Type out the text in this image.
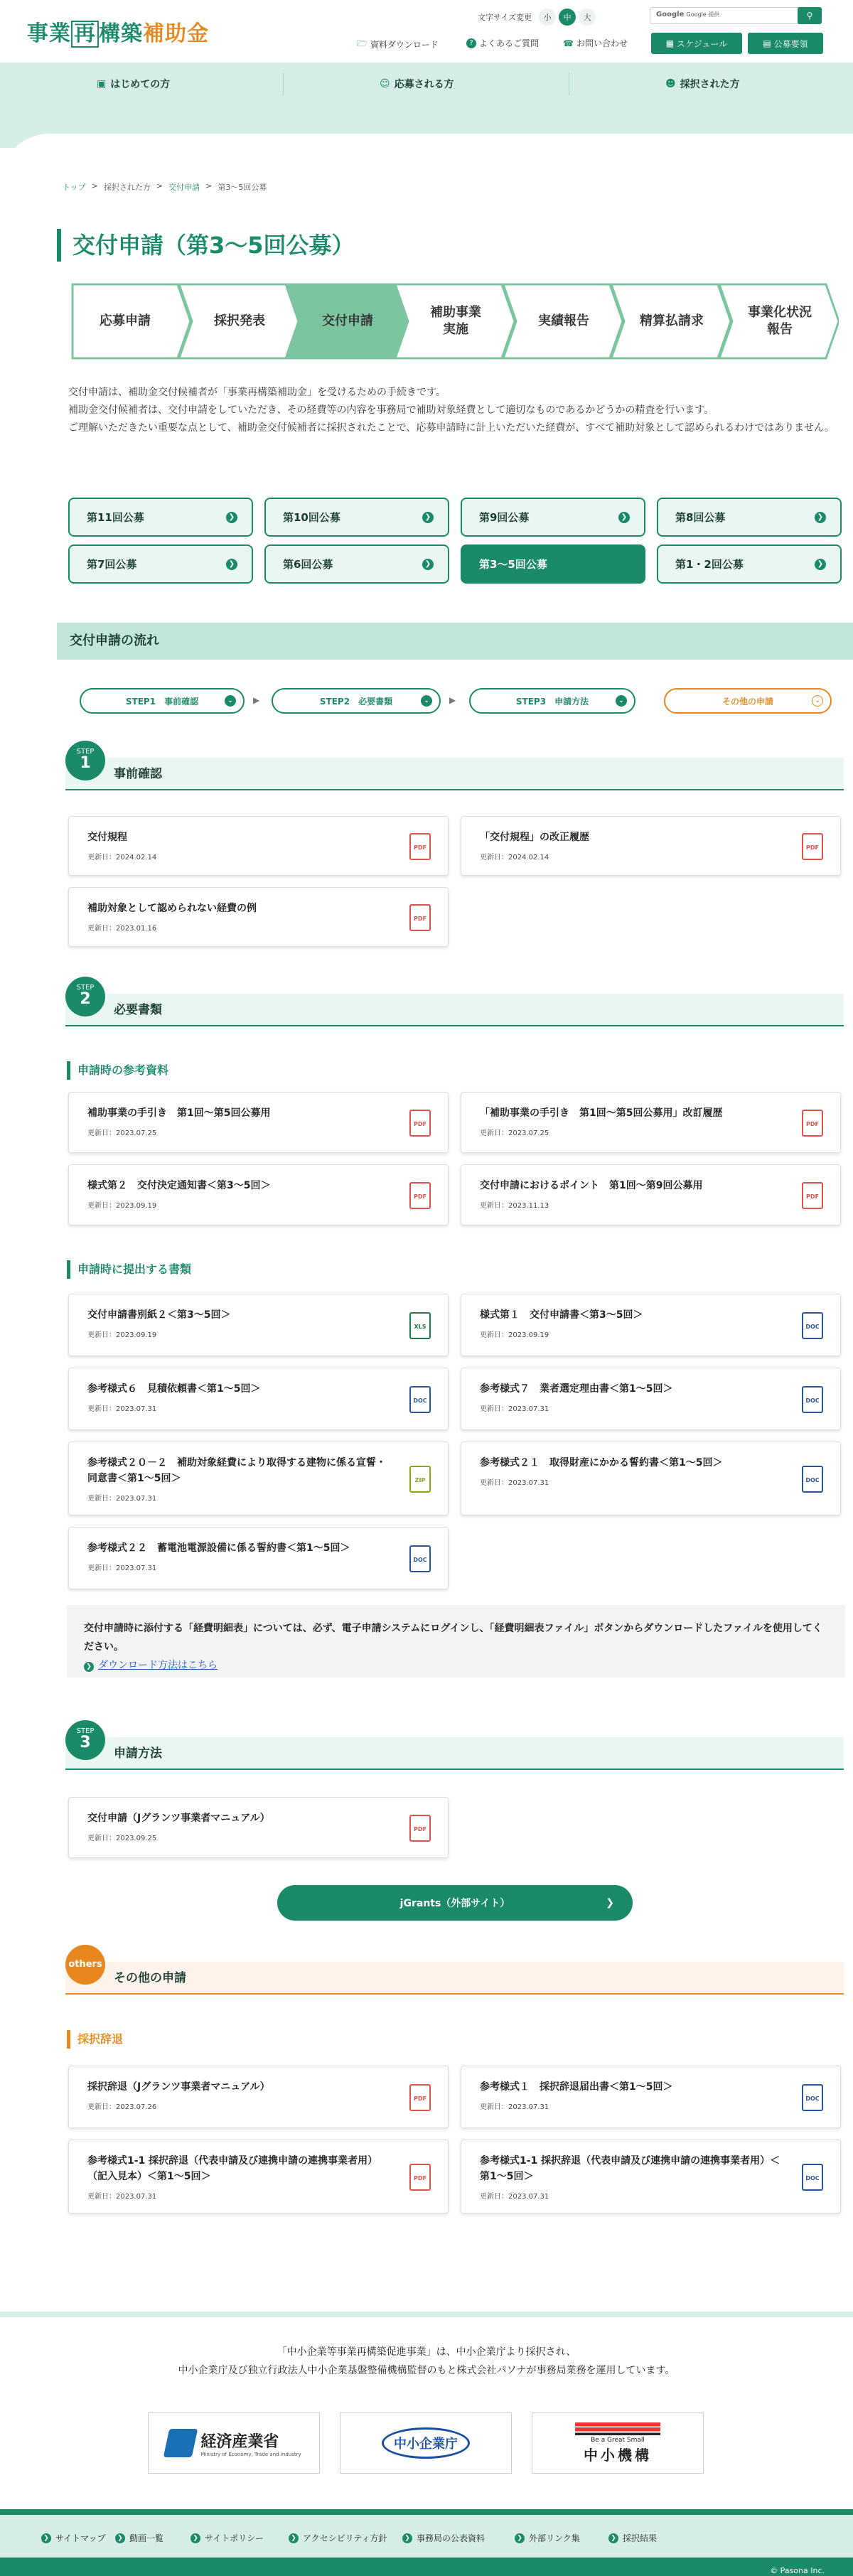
事業 再 構築補助金
文字サイズ変更	小	中	大	Google Google 提供	⚲
🗁 資料ダウンロード	? よくあるご質問	☎ お問い合わせ	▦ スケジュール	▤ 公募要領
▣ はじめての方	☺ 応募される方	☻ 採択された方
トップ > 採択された方 > 交付申請 > 第3～5回公募
交付申請（第3～5回公募）
応募申請	採択発表	交付申請
補助事業
実施
実績報告	精算払請求
事業化状況
報告

交付申請は、補助金交付候補者が「事業再構築補助金」を受けるための手続きです。

補助金交付候補者は、交付申請をしていただき、その経費等の内容を事務局で補助対象経費として適切なものであるかどうかの精査を行います。

ご理解いただきたい重要な点として、補助金交付候補者に採択されたことで、応募申請時に計上いただいた経費が、すべて補助対象として認められるわけではありません。

第11回公募	❯	第10回公募	❯	第9回公募	❯	第8回公募	❯
第7回公募	❯	第6回公募	❯	第3～5回公募	第1・2回公募	❯
交付申請の流れ
STEP1　事前確認	⌄	▶	STEP2　必要書類	⌄	▶	STEP3　申請方法	⌄	その他の申請	⌄
事前確認
STEP
1
交付規程
更新日：2024.02.14
PDF
「交付規程」の改正履歴
更新日：2024.02.14
PDF
補助対象として認められない経費の例
更新日：2023.01.16
PDF
必要書類
STEP
2
申請時の参考資料
補助事業の手引き　第1回～第5回公募用
更新日：2023.07.25
PDF
「補助事業の手引き　第1回～第5回公募用」改訂履歴
更新日：2023.07.25
PDF
様式第２　交付決定通知書＜第3～5回＞
更新日：2023.09.19
PDF
交付申請におけるポイント　第1回～第9回公募用
更新日：2023.11.13
PDF
申請時に提出する書類
交付申請書別紙２＜第3～5回＞
更新日：2023.09.19
XLS
様式第１　交付申請書＜第3～5回＞
更新日：2023.09.19
DOC
参考様式６　見積依頼書＜第1～5回＞
更新日：2023.07.31
DOC
参考様式７　業者選定理由書＜第1～5回＞
更新日：2023.07.31
DOC
参考様式２０－２　補助対象経費により取得する建物に係る宣誓・同意書＜第1～5回＞
更新日：2023.07.31
ZIP
参考様式２１　取得財産にかかる誓約書＜第1～5回＞
更新日：2023.07.31	DOC
参考様式２２　蓄電池電源設備に係る誓約書＜第1～5回＞
更新日：2023.07.31
DOC
交付申請時に添付する「経費明細表」については、必ず、電子申請システムにログインし、「経費明細表ファイル」ボタンからダウンロードしたファイルを使用してください。
❯ ダウンロード方法はこちら
申請方法
STEP
3
交付申請（Jグランツ事業者マニュアル）
更新日：2023.09.25
PDF
jGrants（外部サイト）	❯
その他の申請
others
採択辞退
採択辞退（Jグランツ事業者マニュアル）
更新日：2023.07.26
PDF
参考様式１　採択辞退届出書＜第1～5回＞
更新日：2023.07.31
DOC
参考様式1-1 採択辞退（代表申請及び連携申請の連携事業者用）（記入見本）＜第1～5回＞
更新日：2023.07.31
PDF
参考様式1-1 採択辞退（代表申請及び連携申請の連携事業者用）＜第1～5回＞
更新日：2023.07.31
DOC

「中小企業等事業再構築促進事業」は、中小企業庁より採択され、

中小企業庁及び独立行政法人中小企業基盤整備機構監督のもと株式会社パソナが事務局業務を運用しています。

経済産業省
Ministry of Economy, Trade and Industry
中小企業庁	Be a Great Small
中小機構
❯ サイトマップ	❯ 動画一覧	❯ サイトポリシー	❯ アクセシビリティ方針	❯ 事務局の公表資料	❯ 外部リンク集	❯ 採択結果
© Pasona Inc.
